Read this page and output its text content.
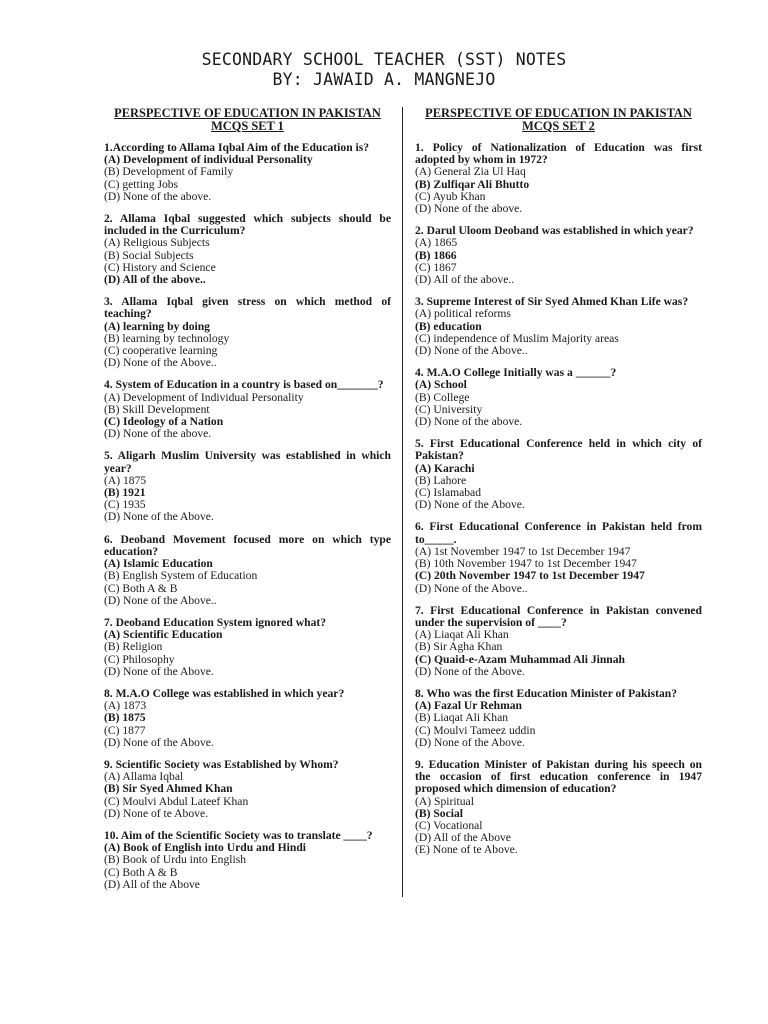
SECONDARY SCHOOL TEACHER (SST) NOTES
BY: JAWAID A. MANGNEJO
PERSPECTIVE OF EDUCATION IN PAKISTAN
MCQS SET 1
1.According to Allama Iqbal Aim of the Education is?
(A) Development of individual Personality
(B) Development of Family
(C) getting Jobs
(D) None of the above.
2. Allama Iqbal suggested which subjects should be included in the Curriculum?
(A) Religious Subjects
(B) Social Subjects
(C) History and Science
(D) All of the above..
3. Allama Iqbal given stress on which method of teaching?
(A) learning by doing
(B) learning by technology
(C) cooperative learning
(D) None of the Above..
4. System of Education in a country is based on_______?
(A) Development of Individual Personality
(B) Skill Development
(C) Ideology of a Nation
(D) None of the above.
5. Aligarh Muslim University was established in which year?
(A) 1875
(B) 1921
(C) 1935
(D) None of the Above.
6. Deoband Movement focused more on which type education?
(A) Islamic Education
(B) English System of Education
(C) Both A & B
(D) None of the Above..
7. Deoband Education System ignored what?
(A) Scientific Education
(B) Religion
(C) Philosophy
(D) None of the Above.
8. M.A.O College was established in which year?
(A) 1873
(B) 1875
(C) 1877
(D) None of the Above.
9. Scientific Society was Established by Whom?
(A) Allama Iqbal
(B) Sir Syed Ahmed Khan
(C) Moulvi Abdul Lateef Khan
(D) None of te Above.
10. Aim of the Scientific Society was to translate ____?
(A) Book of English into Urdu and Hindi
(B) Book of Urdu into English
(C) Both A & B
(D) All of the Above
PERSPECTIVE OF EDUCATION IN PAKISTAN
MCQS SET 2
1. Policy of Nationalization of Education was first adopted by whom in 1972?
(A) General Zia Ul Haq
(B) Zulfiqar Ali Bhutto
(C) Ayub Khan
(D) None of the above.
2. Darul Uloom Deoband was established in which year?
(A) 1865
(B) 1866
(C) 1867
(D) All of the above..
3. Supreme Interest of Sir Syed Ahmed Khan Life was?
(A) political reforms
(B) education
(C) independence of Muslim Majority areas
(D) None of the Above..
4. M.A.O College Initially was a ______?
(A) School
(B) College
(C) University
(D) None of the above.
5. First Educational Conference held in which city of Pakistan?
(A) Karachi
(B) Lahore
(C) Islamabad
(D) None of the Above.
6. First Educational Conference in Pakistan held from to_____.
(A) 1st November 1947 to 1st December 1947
(B) 10th November 1947 to 1st December 1947
(C) 20th November 1947 to 1st December 1947
(D) None of the Above..
7. First Educational Conference in Pakistan convened under the supervision of ____?
(A) Liaqat Ali Khan
(B) Sir Agha Khan
(C) Quaid-e-Azam Muhammad Ali Jinnah
(D) None of the Above.
8. Who was the first Education Minister of Pakistan?
(A) Fazal Ur Rehman
(B) Liaqat Ali Khan
(C) Moulvi Tameez uddin
(D) None of the Above.
9. Education Minister of Pakistan during his speech on the occasion of first education conference in 1947 proposed which dimension of education?
(A) Spiritual
(B) Social
(C) Vocational
(D) All of the Above
(E) None of te Above.
